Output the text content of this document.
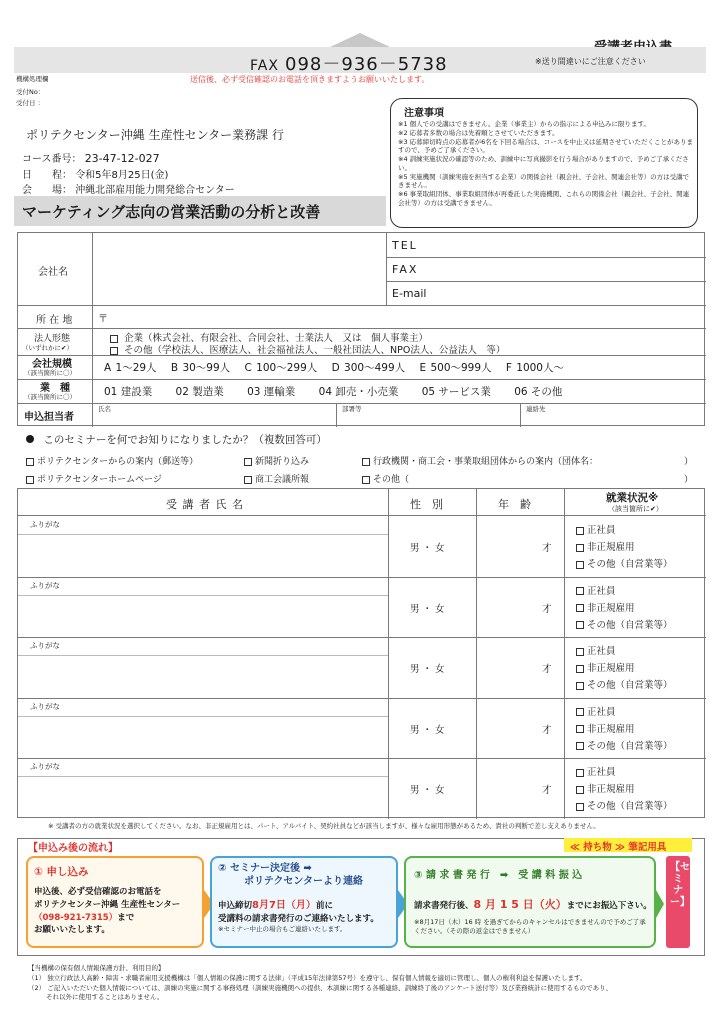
FAX 098－936－5738	※送り間違いにご注意ください
機構処理欄	送信後、必ず受信確認のお電話を頂きますようお願いいたします。
受付No：
受付日 ：
ポリテクセンター沖縄 生産性センター業務課 行
コース番号： 23-47-12-027
日　　程： 令和5年8月25日(金)
会　　場： 沖縄北部雇用能力開発総合センター
マーケティング志向の営業活動の分析と改善
注意事項
※1 個人での受講はできません。企業（事業主）からの指示による申込みに限ります。
※2 応募者多数の場合は先着順とさせていただきます。
※3 応募締切時点の応募者が6名を下回る場合は、コースを中止又は延期させていただくことがありますので、予めご了承ください。
※4 訓練実施状況の確認等のため、訓練中に写真撮影を行う場合がありますので、予めご了承ください。
※5 実施機関（訓練実施を担当する企業）の関係会社（親会社、子会社、関連会社等）の方は受講できません。
※6 事業取組団体、事業取組団体が再委託した実施機関、これらの関係会社（親会社、子会社、関連会社等）の方は受講できません。
会社名
TEL
FAX
E-mail
所 在 地	〒
法人形態
（いずれかに✔）
企業（株式会社、有限会社、合同会社、士業法人　又は　個人事業主）
その他（学校法人、医療法人、社会福祉法人、一般社団法人、NPO法人、公益法人　等）
会社規模
（該当箇所に〇）	A 1～29人 B 30～99人 C 100～299人 D 300～499人 E 500～999人 F 1000人～
業　種
（該当箇所に〇）	01 建設業 02 製造業 03 運輸業 04 卸売・小売業 05 サービス業 06 その他
申込担当者
氏名	部署等	連絡先
このセミナーを何でお知りになりましたか？（複数回答可）
ポリテクセンターからの案内（郵送等）	新聞折り込み	行政機関・商工会・事業取組団体からの案内（団体名：	）
ポリテクセンターホームページ	商工会議所報	その他（	）
受 講 者 氏 名	性　別	年　齢	就業状況※
（該当箇所に✔）
ふりがな
男 ・ 女	才
正社員
非正規雇用
その他（自営業等）
ふりがな
男 ・ 女	才
正社員
非正規雇用
その他（自営業等）
ふりがな
男 ・ 女	才
正社員
非正規雇用
その他（自営業等）
ふりがな
男 ・ 女	才
正社員
非正規雇用
その他（自営業等）
ふりがな
男 ・ 女	才
正社員
非正規雇用
その他（自営業等）
※ 受講者の方の就業状況を選択してください。なお、非正規雇用とは、パート、アルバイト、契約社員などが該当しますが、様々な雇用形態があるため、貴社の判断で差し支えありません。
【申込み後の流れ】	≪ 持ち物 ≫ 筆記用具
① 申し込み
申込後、必ず受信確認のお電話を
ポリテクセンター沖縄 生産性センター
（098-921-7315）まで
お願いいたします。
② セミナー決定後 ➡
ポリテクセンターより連絡
申込締切8月7日（月）前に
受講料の請求書発行のご連絡いたします。
※セミナー中止の場合もご連絡いたします。
③ 請 求 書 発 行　➡　受 講 料 振 込
請求書発行後、8 月 1 5 日（火）までにお振込下さい。
※8月17日（木）16 時 を過ぎてからのキャンセルはできませんので予めご了承ください。（その際の返金はできません）
【セミナー】
【当機構の保有個人情報保護方針、利用目的】
（1） 独立行政法人高齢・障害・求職者雇用支援機構は「個人情報の保護に関する法律」（平成15年法律第57号）を遵守し、保有個人情報を適切に管理し、個人の権利利益を保護いたします。
（2） ご記入いただいた個人情報については、訓練の実施に関する事務処理（訓練実施機関への提供、本訓練に関する各種連絡、訓練終了後のアンケート送付等）及び業務統計に使用するものであり、
それ以外に使用することはありません。
